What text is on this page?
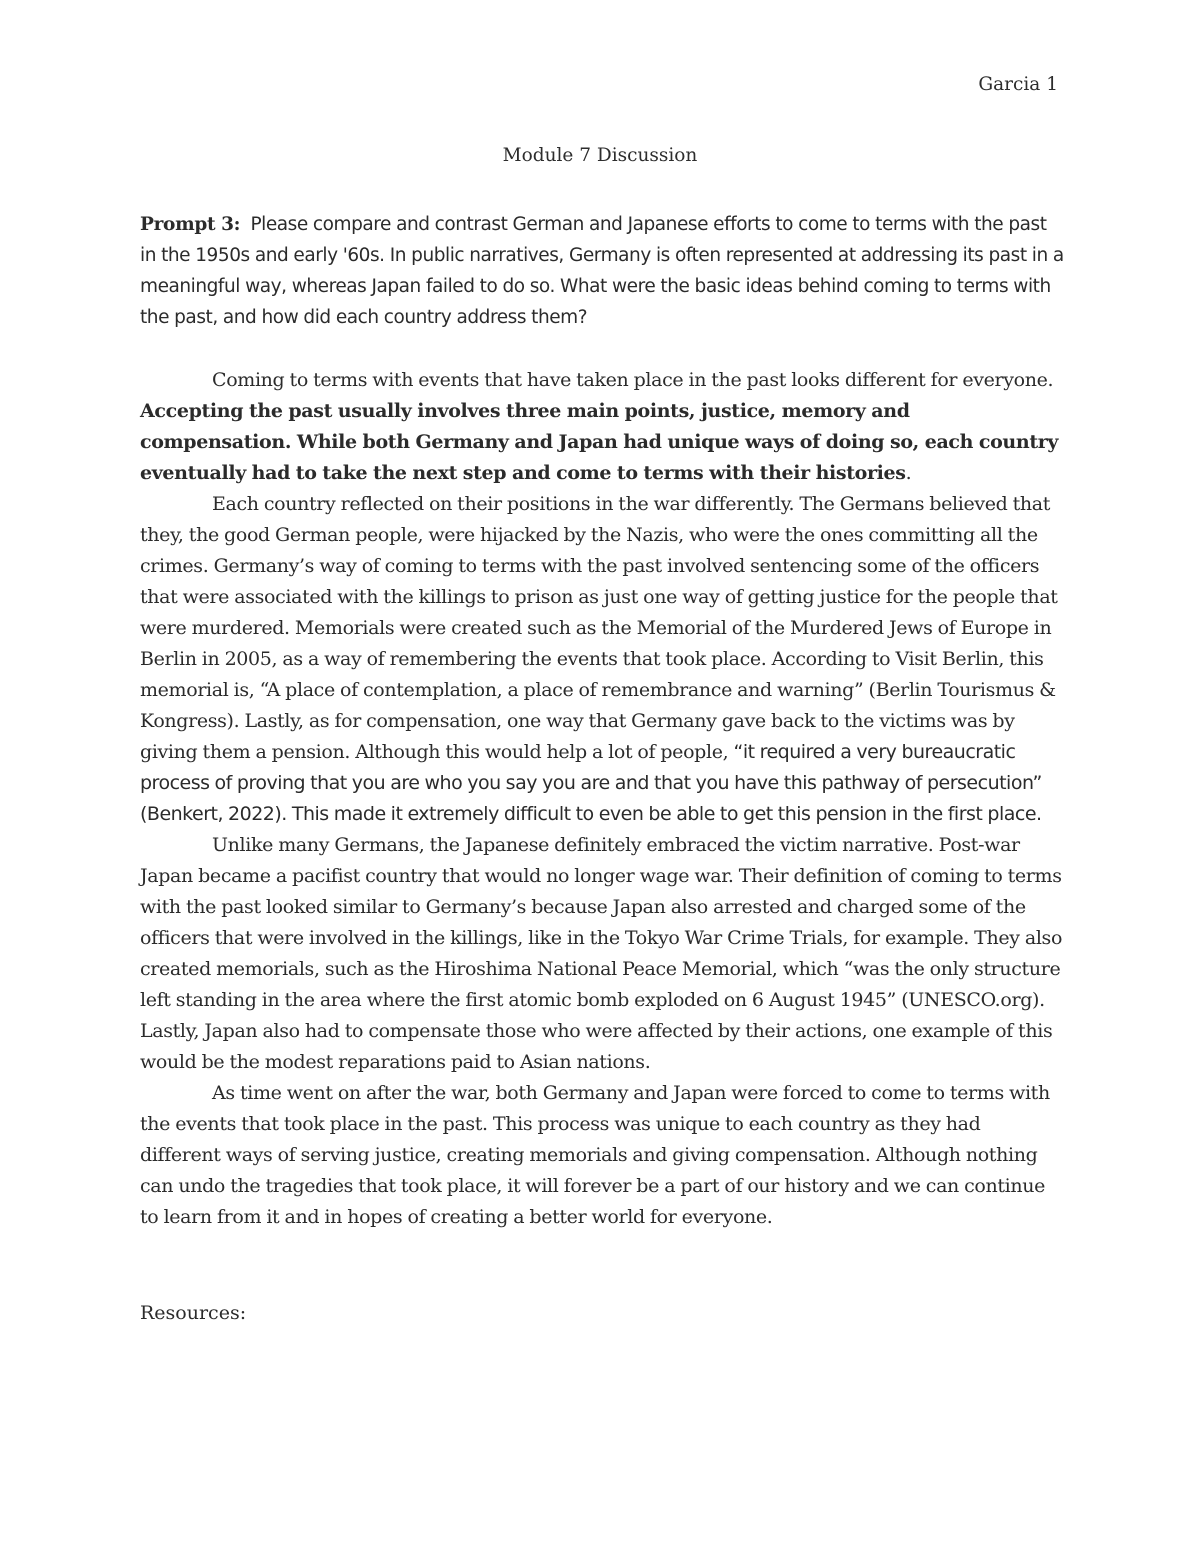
Garcia 1
Module 7 Discussion
Prompt 3: Please compare and contrast German and Japanese efforts to come to terms with the past in the 1950s and early '60s. In public narratives, Germany is often represented at addressing its past in a meaningful way, whereas Japan failed to do so. What were the basic ideas behind coming to terms with the past, and how did each country address them?

Coming to terms with events that have taken place in the past looks different for everyone. Accepting the past usually involves three main points, justice, memory and compensation. While both Germany and Japan had unique ways of doing so, each country eventually had to take the next step and come to terms with their histories.

Each country reflected on their positions in the war differently. The Germans believed that they, the good German people, were hijacked by the Nazis, who were the ones committing all the crimes. Germany’s way of coming to terms with the past involved sentencing some of the officers that were associated with the killings to prison as just one way of getting justice for the people that were murdered. Memorials were created such as the Memorial of the Murdered Jews of Europe in Berlin in 2005, as a way of remembering the events that took place. According to Visit Berlin, this memorial is, “A place of contemplation, a place of remembrance and warning” (Berlin Tourismus & Kongress). Lastly, as for compensation, one way that Germany gave back to the victims was by giving them a pension. Although this would help a lot of people, “it required a very bureaucratic process of proving that you are who you say you are and that you have this pathway of persecution” (Benkert, 2022). This made it extremely difficult to even be able to get this pension in the first place.

Unlike many Germans, the Japanese definitely embraced the victim narrative. Post-war Japan became a pacifist country that would no longer wage war. Their definition of coming to terms with the past looked similar to Germany’s because Japan also arrested and charged some of the officers that were involved in the killings, like in the Tokyo War Crime Trials, for example. They also created memorials, such as the Hiroshima National Peace Memorial, which “was the only structure left standing in the area where the first atomic bomb exploded on 6 August 1945” (UNESCO.org). Lastly, Japan also had to compensate those who were affected by their actions, one example of this would be the modest reparations paid to Asian nations.

As time went on after the war, both Germany and Japan were forced to come to terms with the events that took place in the past. This process was unique to each country as they had different ways of serving justice, creating memorials and giving compensation. Although nothing can undo the tragedies that took place, it will forever be a part of our history and we can continue to learn from it and in hopes of creating a better world for everyone.

Resources:
